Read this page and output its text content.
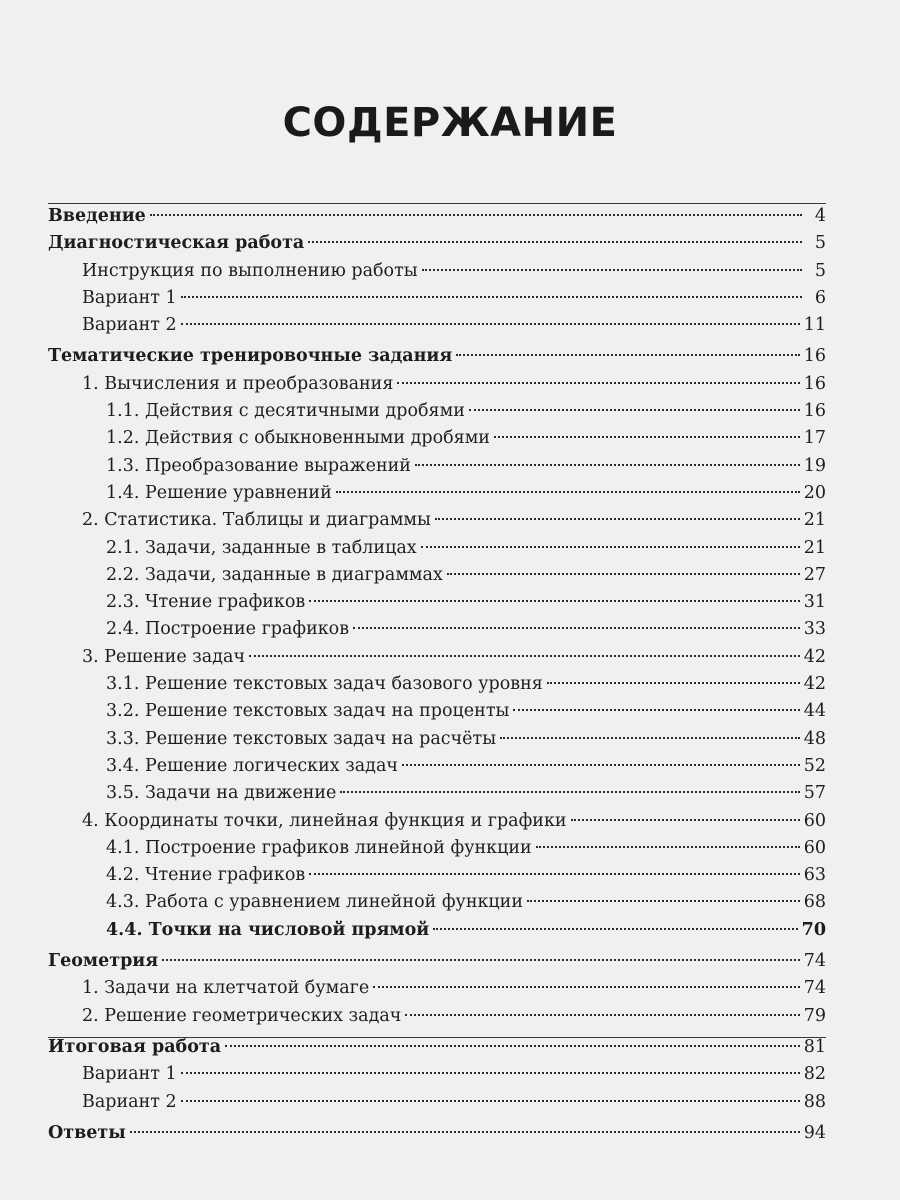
СОДЕРЖАНИЕ
Введение	4
Диагностическая работа	5
Инструкция по выполнению работы	5
Вариант 1	6
Вариант 2	11
Тематические тренировочные задания	16
1. Вычисления и преобразования	16
1.1. Действия с десятичными дробями	16
1.2. Действия с обыкновенными дробями	17
1.3. Преобразование выражений	19
1.4. Решение уравнений	20
2. Статистика. Таблицы и диаграммы	21
2.1. Задачи, заданные в таблицах	21
2.2. Задачи, заданные в диаграммах	27
2.3. Чтение графиков	31
2.4. Построение графиков	33
3. Решение задач	42
3.1. Решение текстовых задач базового уровня	42
3.2. Решение текстовых задач на проценты	44
3.3. Решение текстовых задач на расчёты	48
3.4. Решение логических задач	52
3.5. Задачи на движение	57
4. Координаты точки, линейная функция и графики	60
4.1. Построение графиков линейной функции	60
4.2. Чтение графиков	63
4.3. Работа с уравнением линейной функции	68
4.4. Точки на числовой прямой	70
Геометрия	74
1. Задачи на клетчатой бумаге	74
2. Решение геометрических задач	79
Итоговая работа	81
Вариант 1	82
Вариант 2	88
Ответы	94
